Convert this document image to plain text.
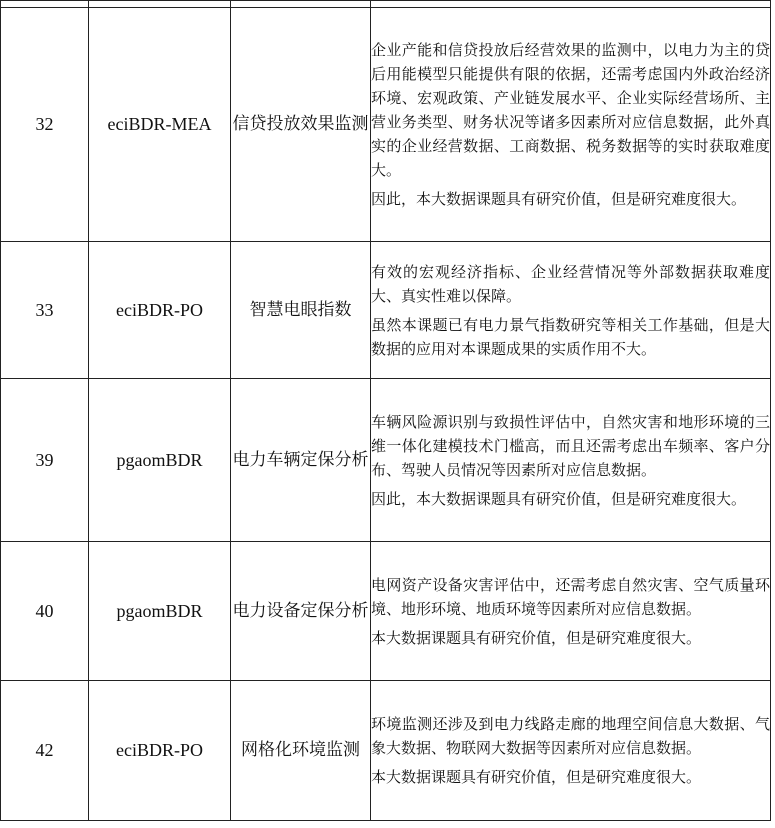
32	eciBDR-MEA	信贷投放效果监测	企业产能和信贷投放后经营效果的监测中，以电力为主的贷后用能模型只能提供有限的依据，还需考虑国内外政治经济环境、宏观政策、产业链发展水平、企业实际经营场所、主营业务类型、财务状况等诸多因素所对应信息数据，此外真实的企业经营数据、工商数据、税务数据等的实时获取难度大。

因此，本大数据课题具有研究价值，但是研究难度很大。

33	eciBDR-PO	智慧电眼指数	有效的宏观经济指标、企业经营情况等外部数据获取难度大、真实性难以保障。

虽然本课题已有电力景气指数研究等相关工作基础，但是大数据的应用对本课题成果的实质作用不大。

39	pgaomBDR	电力车辆定保分析	车辆风险源识别与致损性评估中，自然灾害和地形环境的三维一体化建模技术门槛高，而且还需考虑出车频率、客户分布、驾驶人员情况等因素所对应信息数据。

因此，本大数据课题具有研究价值，但是研究难度很大。

40	pgaomBDR	电力设备定保分析	电网资产设备灾害评估中，还需考虑自然灾害、空气质量环境、地形环境、地质环境等因素所对应信息数据。

本大数据课题具有研究价值，但是研究难度很大。

42	eciBDR-PO	网格化环境监测	环境监测还涉及到电力线路走廊的地理空间信息大数据、气象大数据、物联网大数据等因素所对应信息数据。

本大数据课题具有研究价值，但是研究难度很大。
